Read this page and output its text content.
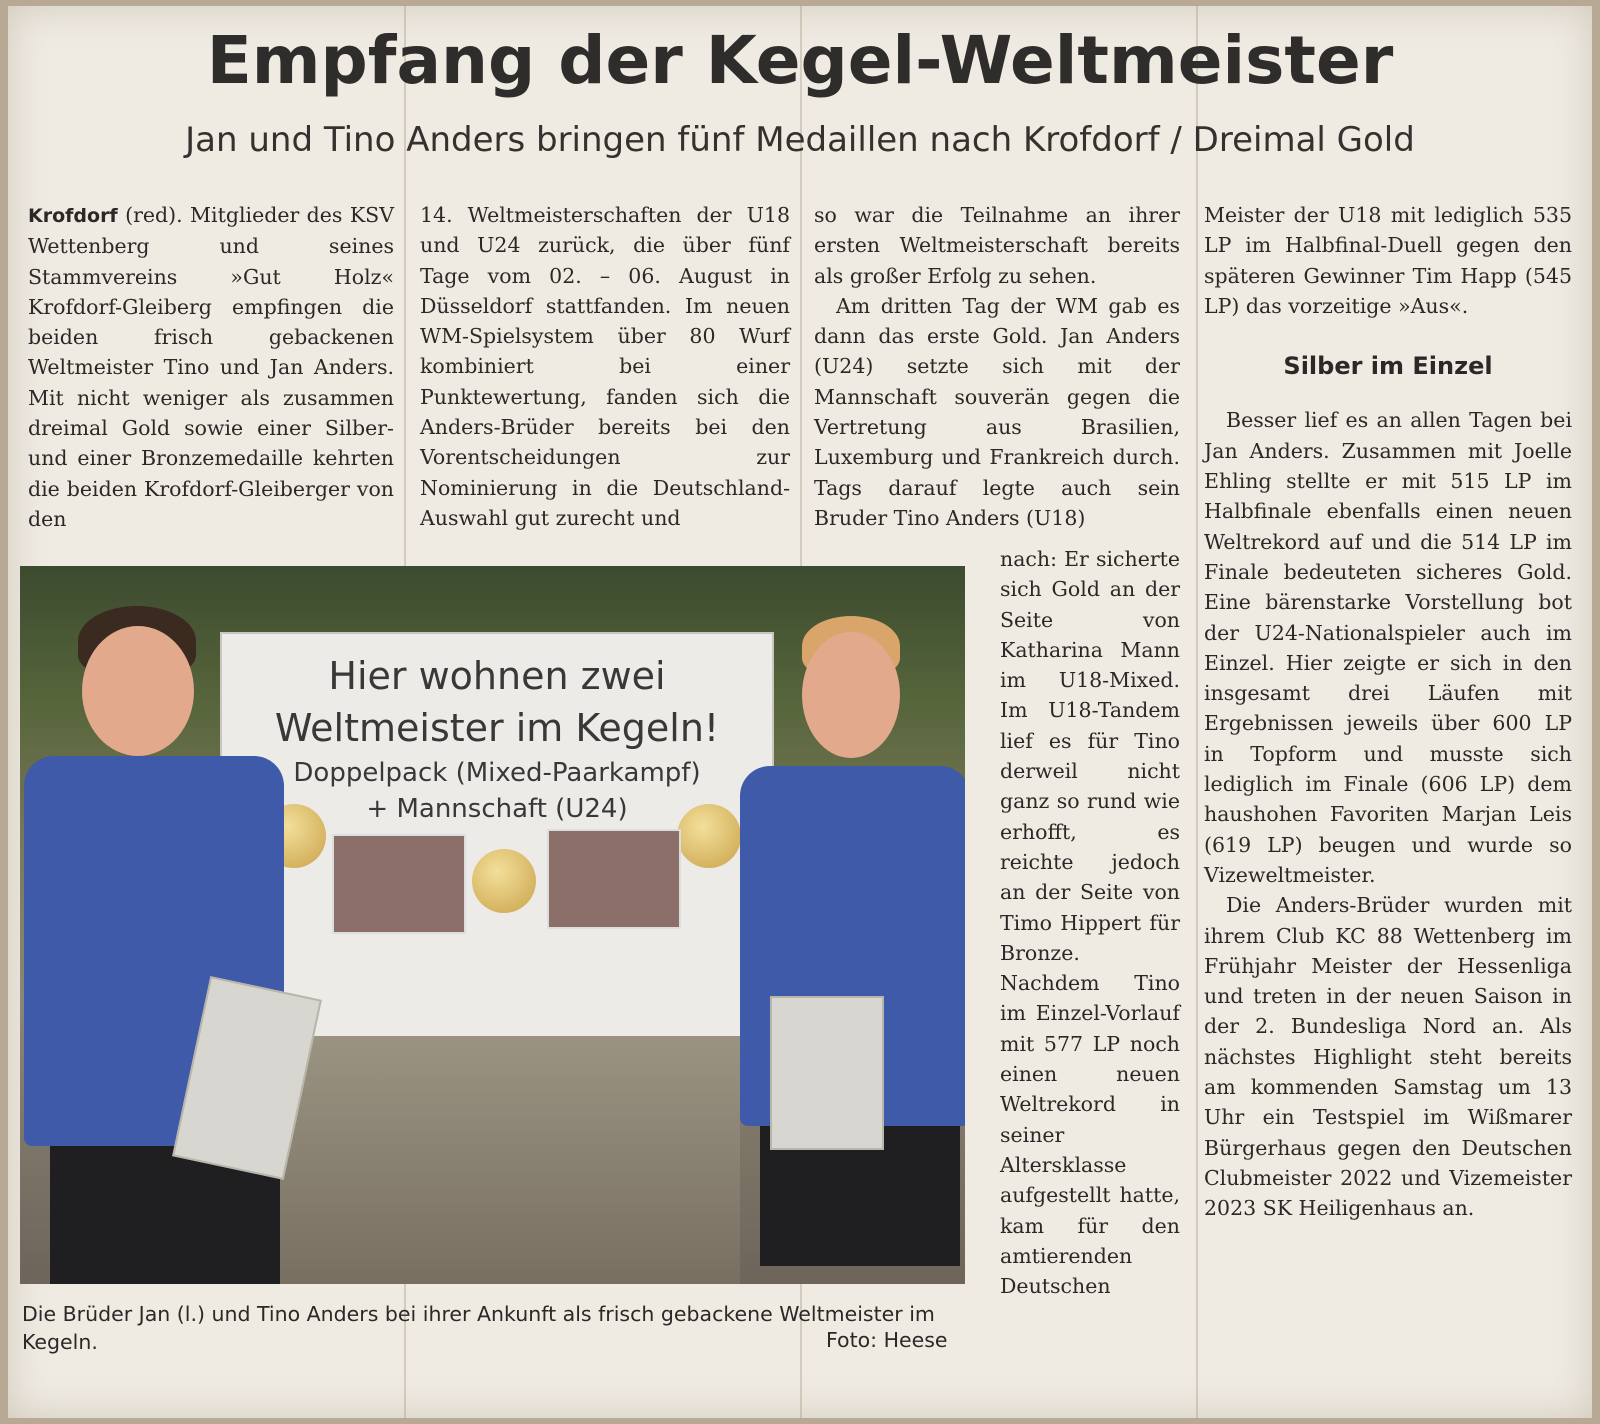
Empfang der Kegel-Weltmeister
Jan und Tino Anders bringen fünf Medaillen nach Krofdorf / Dreimal Gold

Krofdorf (red). Mitglieder des KSV Wettenberg und seines Stammvereins »Gut Holz« Krofdorf-Gleiberg empfingen die beiden frisch gebackenen Weltmeister Tino und Jan Anders. Mit nicht weniger als zusammen dreimal Gold sowie einer Silber- und einer Bronzemedaille kehrten die beiden Krofdorf-Gleiberger von den

14. Weltmeisterschaften der U18 und U24 zurück, die über fünf Tage vom 02. – 06. August in Düsseldorf stattfanden. Im neuen WM-Spielsystem über 80 Wurf kombiniert bei einer Punktewertung, fanden sich die Anders-Brüder bereits bei den Vorentscheidungen zur Nominierung in die Deutschland-Auswahl gut zurecht und

so war die Teilnahme an ihrer ersten Weltmeisterschaft bereits als großer Erfolg zu sehen.

Am dritten Tag der WM gab es dann das erste Gold. Jan Anders (U24) setzte sich mit der Mannschaft souverän gegen die Vertretung aus Brasilien, Luxemburg und Frankreich durch. Tags darauf legte auch sein Bruder Tino Anders (U18)

nach: Er sicherte sich Gold an der Seite von Katharina Mann im U18-Mixed. Im U18-Tandem lief es für Tino derweil nicht ganz so rund wie erhofft, es reichte jedoch an der Seite von Timo Hippert für Bronze. Nachdem Tino im Einzel-Vorlauf mit 577 LP noch einen neuen Weltrekord in seiner Altersklasse aufgestellt hatte, kam für den amtierenden Deutschen

Meister der U18 mit lediglich 535 LP im Halbfinal-Duell gegen den späteren Gewinner Tim Happ (545 LP) das vorzeitige »Aus«.

Silber im Einzel

Besser lief es an allen Tagen bei Jan Anders. Zusammen mit Joelle Ehling stellte er mit 515 LP im Halbfinale ebenfalls einen neuen Weltrekord auf und die 514 LP im Finale bedeuteten sicheres Gold. Eine bärenstarke Vorstellung bot der U24-Nationalspieler auch im Einzel. Hier zeigte er sich in den insgesamt drei Läufen mit Ergebnissen jeweils über 600 LP in Topform und musste sich lediglich im Finale (606 LP) dem haushohen Favoriten Marjan Leis (619 LP) beugen und wurde so Vizeweltmeister.

Die Anders-Brüder wurden mit ihrem Club KC 88 Wettenberg im Frühjahr Meister der Hessenliga und treten in der neuen Saison in der 2. Bundesliga Nord an. Als nächstes Highlight steht bereits am kommenden Samstag um 13 Uhr ein Testspiel im Wißmarer Bürgerhaus gegen den Deutschen Clubmeister 2022 und Vizemeister 2023 SK Heiligenhaus an.

Hier wohnen zwei
Weltmeister im Kegeln!
Doppelpack (Mixed-Paarkampf)
+ Mannschaft (U24)
Die Brüder Jan (l.) und Tino Anders bei ihrer Ankunft als frisch gebackene Weltmeister im Kegeln.	Foto: Heese
